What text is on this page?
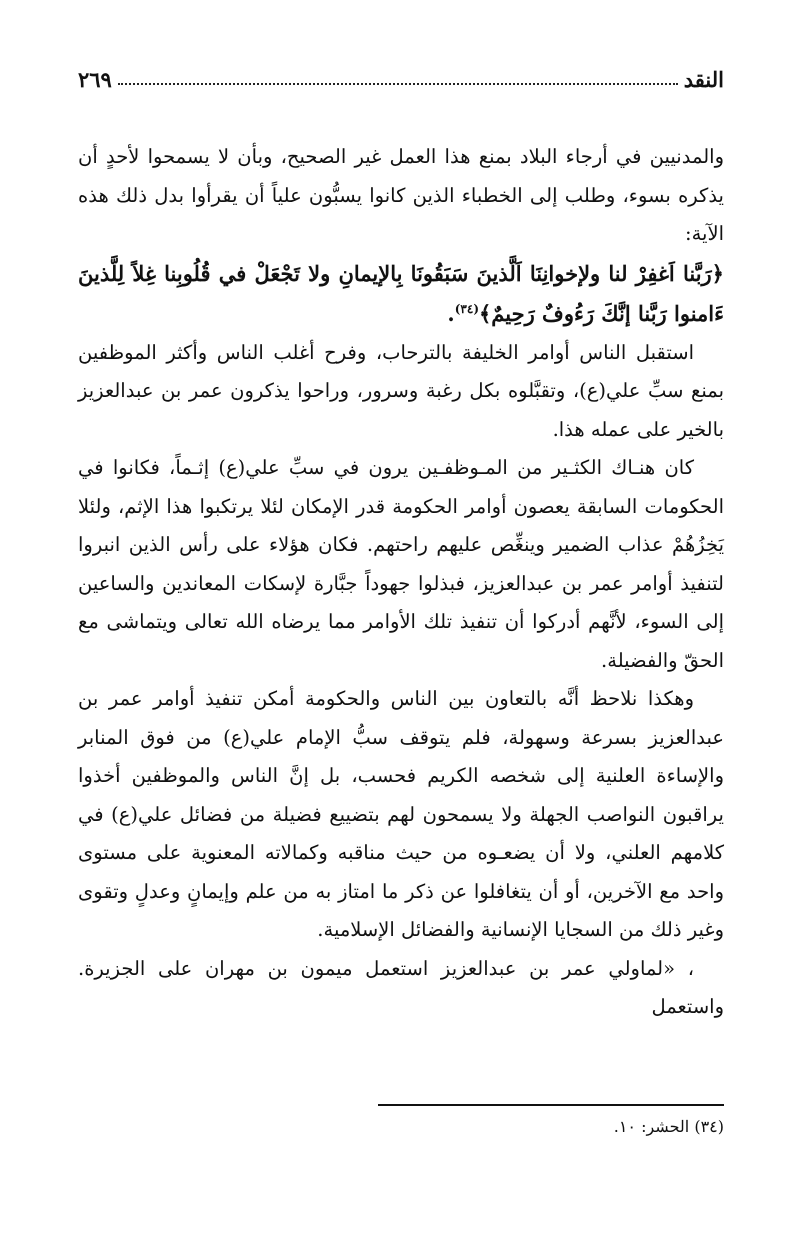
النقد
٢٦٩

والمدنيين في أرجاء البلاد بمنع هذا العمل غير الصحيح، وبأن لا يسمحوا لأحدٍ أن يذكره بسوء، وطلب إلى الخطباء الذين كانوا يسبُّون علياً أن يقرأوا بدل ذلك هذه الآية:

﴿رَبَّنا اَغفِرْ لنا ولإخوانِنَا اَلَّذينَ سَبَقُونَا بِالإيمانِ ولا تَجْعَلْ في قُلُوبِنا غِلاً لِلَّذينَ ءَامنوا رَبَّنا إنَّكَ رَءُوفٌ رَحِيمٌ﴾$^{(٣٤)}$.

استقبل الناس أوامر الخليفة بالترحاب، وفرح أغلب الناس وأكثر الموظفين بمنع سبِّ علي(ع)، وتقبَّلوه بكل رغبة وسرور، وراحوا يذكرون عمر بن عبدالعزيز بالخير على عمله هذا.

كان هنـاك الكثـير من المـوظفـين يرون في سبِّ علي(ع) إثـماً، فكانوا في الحكومات السابقة يعصون أوامر الحكومة قدر الإمكان لئلا يرتكبوا هذا الإثم، ولئلا يَخِزُهُمْ عذاب الضمير وينغِّص عليهم راحتهم. فكان هؤلاء على رأس الذين انبروا لتنفيذ أوامر عمر بن عبدالعزيز، فبذلوا جهوداً جبَّارة لإسكات المعاندين والساعين إلى السوء، لأنَّهم أدركوا أن تنفيذ تلك الأوامر مما يرضاه الله تعالى ويتماشى مع الحقّ والفضيلة.

وهكذا نلاحظ أنَّه بالتعاون بين الناس والحكومة أمكن تنفيذ أوامر عمر بن عبدالعزيز بسرعة وسهولة، فلم يتوقف سبُّ الإمام علي(ع) من فوق المنابر والإساءة العلنية إلى شخصه الكريم فحسب، بل إنَّ الناس والموظفين أخذوا يراقبون النواصب الجهلة ولا يسمحون لهم بتضييع فضيلة من فضائل علي(ع) في كلامهم العلني، ولا أن يضعـوه من حيث مناقبه وكمالاته المعنوية على مستوى واحد مع الآخرين، أو أن يتغافلوا عن ذكر ما امتاز به من علم وإيمانٍ وعدلٍ وتقوى وغير ذلك من السجايا الإنسانية والفضائل الإسلامية.

، «لماولي عمر بن عبدالعزيز استعمل ميمون بن مهران على الجزيرة. واستعمل

(٣٤) الحشر: ١٠.
